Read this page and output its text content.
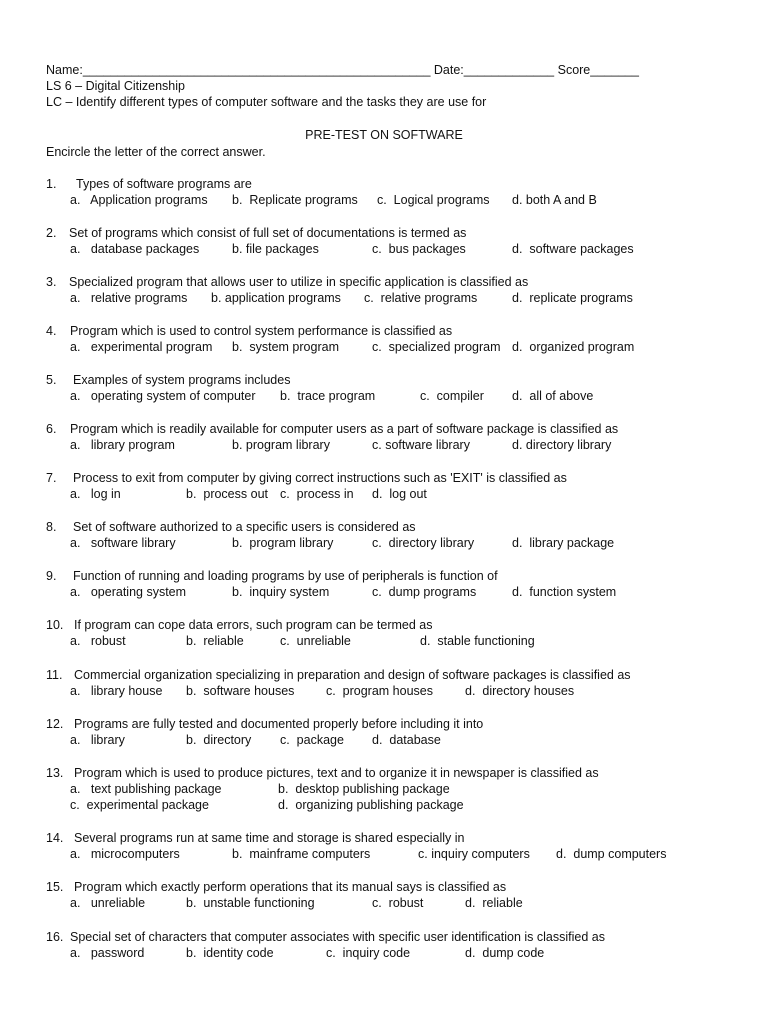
Name:__________________________________________________ Date:_____________ Score_______
LS 6 – Digital Citizenship
LC – Identify different types of computer software and the tasks they are use for
PRE-TEST ON SOFTWARE
Encircle the letter of the correct answer.
1. Types of software programs are
a.   Application programs b.  Replicate programs c.  Logical programs d. both A and B
2. Set of programs which consist of full set of documentations is termed as
a.   database packages	b. file packages	c.  bus packages	d.  software packages
3. Specialized program that allows user to utilize in specific application is classified as
a.   relative programs b. application programs c.  relative programs	d.  replicate programs
4. Program which is used to control system performance is classified as
a.   experimental program b.  system program	c.  specialized program d.  organized program
5. Examples of system programs includes
a.   operating system of computer b.  trace program	c.  compiler d.  all of above
6. Program which is readily available for computer users as a part of software package is classified as
a.   library program	b. program library	c. software library	d. directory library
7. Process to exit from computer by giving correct instructions such as 'EXIT' is classified as
a.   log in	b.  process out c.  process in d.  log out
8. Set of software authorized to a specific users is considered as
a.   software library	b.  program library	c.  directory library	d.  library package
9. Function of running and loading programs by use of peripherals is function of
a.   operating system	b.  inquiry system	c.  dump programs	d.  function system
10. If program can cope data errors, such program can be termed as
a.   robust	b.  reliable	c.  unreliable	d.  stable functioning
11. Commercial organization specializing in preparation and design of software packages is classified as
a.   library house b.  software houses	c.  program houses	d.  directory houses
12. Programs are fully tested and documented properly before including it into
a.   library	b.  directory c.  package d.  database
13. Program which is used to produce pictures, text and to organize it in newspaper is classified as
a.   text publishing package	b.  desktop publishing package
c.  experimental package	d.  organizing publishing package
14. Several programs run at same time and storage is shared especially in
a.   microcomputers	b.  mainframe computers	c. inquiry computers d.  dump computers
15. Program which exactly perform operations that its manual says is classified as
a.   unreliable	b.  unstable functioning	c.  robust	d.  reliable
16. Special set of characters that computer associates with specific user identification is classified as
a.   password	b.  identity code	c.  inquiry code	d.  dump code
